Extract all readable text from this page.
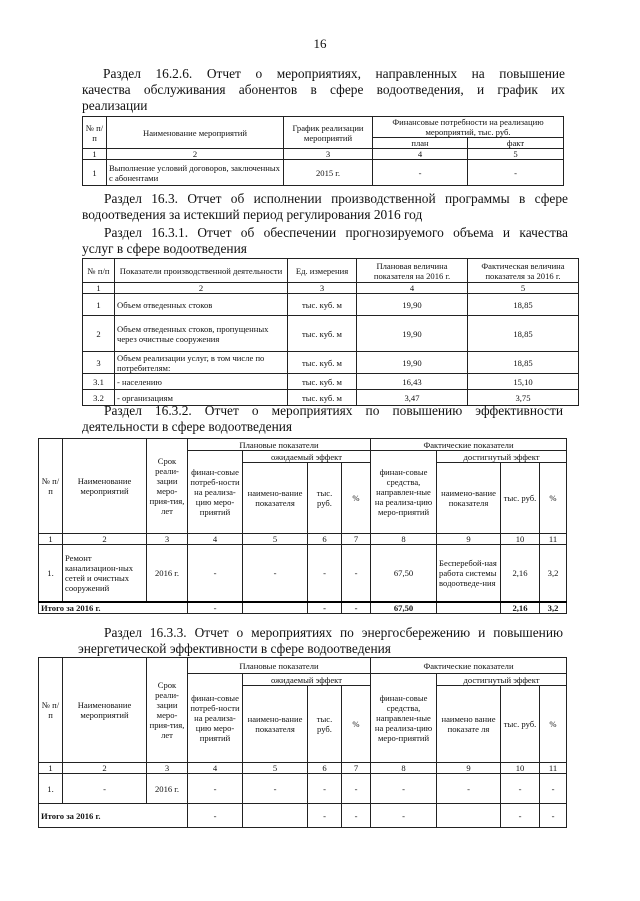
16

Раздел 16.2.6. Отчет о мероприятиях, направленных на повышение

качества обслуживания абонентов в сфере водоотведения, и график их

реализации

№ п/п	Наименование мероприятий	График реализации мероприятий	Финансовые потребности на реализацию мероприятий, тыс. руб.	
			план	факт
1	2	3	4	5
1	Выполнение условий договоров, заключенных с абонентами	2015 г.	-	-

Раздел 16.3. Отчет об исполнении производственной программы в сфере

водоотведения за истекший период регулирования 2016 год

Раздел 16.3.1. Отчет об обеспечении прогнозируемого объема и качества

услуг в сфере водоотведения

№ п/п	Показатели производственной деятельности	Ед. измерения	Плановая величина показателя на 2016 г.	Фактическая величина показателя за 2016 г.
1	2	3	4	5
1	Объем отведенных стоков	тыс. куб. м	19,90	18,85
2	Объем отведенных стоков, пропущенных через очистные сооружения	тыс. куб. м	19,90	18,85
3	Объем реализации услуг, в том числе по потребителям:	тыс. куб. м	19,90	18,85
3.1	- населению	тыс. куб. м	16,43	15,10
3.2	- организациям	тыс. куб. м	3,47	3,75

Раздел 16.3.2. Отчет о мероприятиях по повышению эффективности

деятельности в сфере водоотведения

№ п/ п	Наименование мероприятий	Срок реали-зации меро-прия-тия, лет	Плановые показатели				Фактические показатели			
			финан-совые потреб-ности на реализа-цию меро-приятий	ожидаемый эффект			финан-совые средства, направлен-ные на реализа-цию меро-приятий	достигнутый эффект		
				наимено-вание показателя	тыс. руб.	%		наимено-вание показателя	тыс. руб.	%
1	2	3	4	5	6	7	8	9	10	11
1.	Ремонт канализацион-ных сетей и очистных сооружений	2016 г.	-	-	-	-	67,50	Бесперебой-ная работа системы водоотведе-ния	2,16	3,2
Итого за 2016 г.			-		-	-	67,50		2,16	3,2

Раздел 16.3.3. Отчет о мероприятиях по энергосбережению и повышению

энергетической эффективности в сфере водоотведения

№ п/ п	Наименование мероприятий	Срок реали-зации меро-прия-тия, лет	Плановые показатели				Фактические показатели			
			финан-совые потреб-ности на реализа-цию меро-приятий	ожидаемый эффект			финан-совые средства, направлен-ные на реализа-цию меро-приятий	достигнутый эффект		
				наимено-вание показателя	тыс. руб.	%		наимено вание показате ля	тыс. руб.	%
1	2	3	4	5	6	7	8	9	10	11
1.	-	2016 г.	-	-	-	-	-	-	-	-
Итого за 2016 г.			-		-	-	-		-	-
